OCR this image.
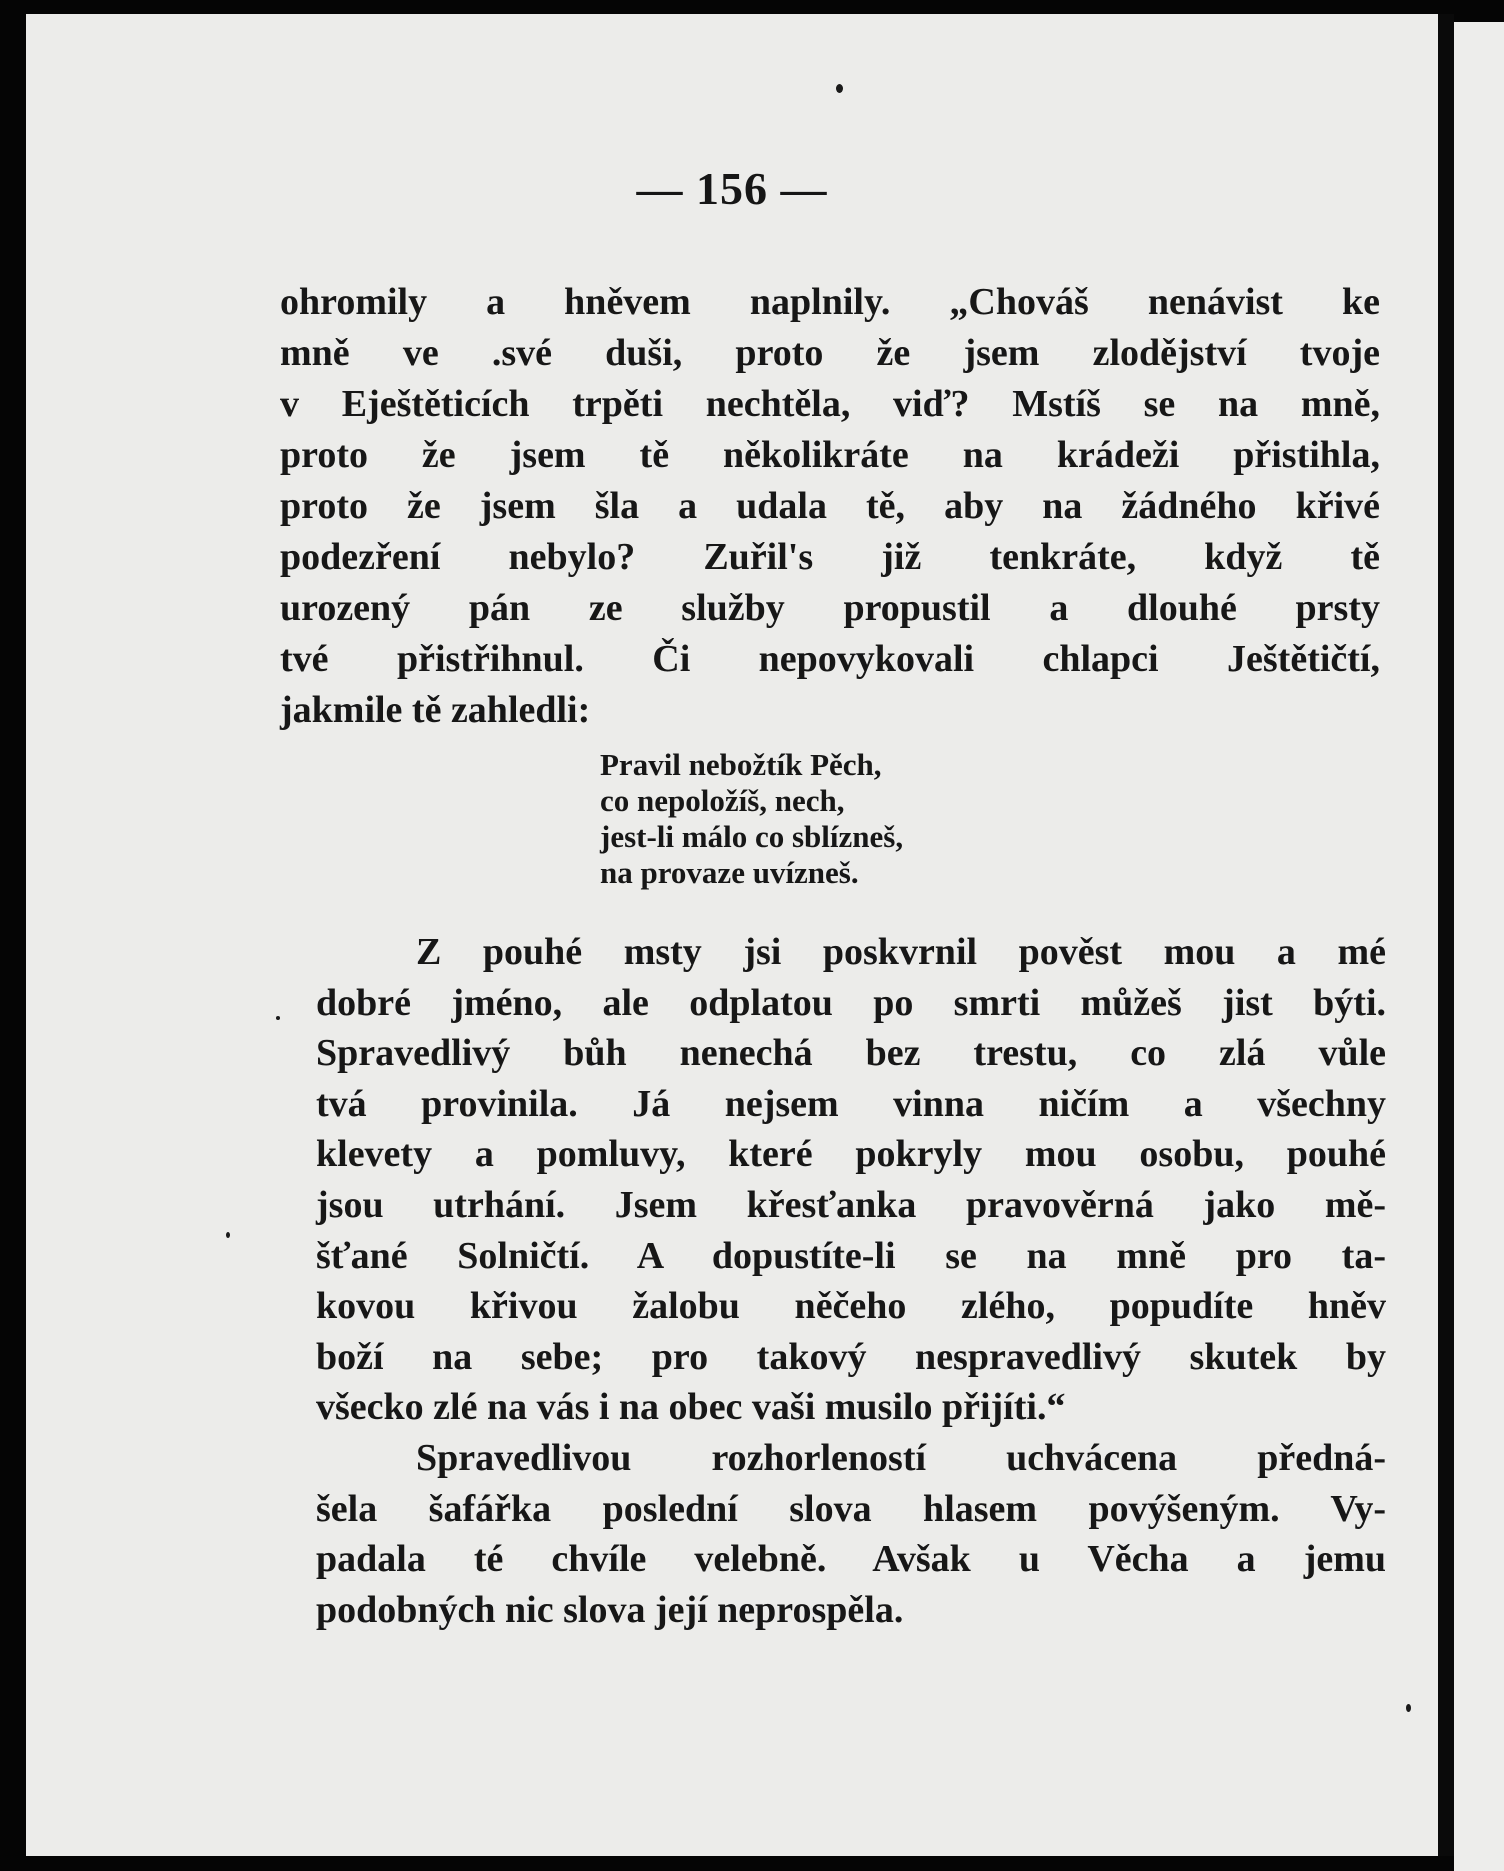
— 156 —
ohromily a hněvem naplnily. „Chováš nenávist ke
mně ve .své duši, proto že jsem zlodějství tvoje
v Eještěticích trpěti nechtěla, viď? Mstíš se na mně,
proto že jsem tě několikráte na krádeži přistihla,
proto že jsem šla a udala tě, aby na žádného křivé
podezření nebylo? Zuřil's již tenkráte, když tě
urozený pán ze služby propustil a dlouhé prsty
tvé přistřihnul. Či nepovykovali chlapci Ještětičtí,
jakmile tě zahledli:
Pravil nebožtík Pěch,
co nepoložíš, nech,
jest-li málo co sblízneš,
na provaze uvízneš.
Z pouhé msty jsi poskvrnil pověst mou a mé
dobré jméno, ale odplatou po smrti můžeš jist býti.
Spravedlivý bůh nenechá bez trestu, co zlá vůle
tvá provinila. Já nejsem vinna ničím a všechny
klevety a pomluvy, které pokryly mou osobu, pouhé
jsou utrhání. Jsem křesťanka pravověrná jako mě-
šťané Solničtí. A dopustíte-li se na mně pro ta-
kovou křivou žalobu něčeho zlého, popudíte hněv
boží na sebe; pro takový nespravedlivý skutek by
všecko zlé na vás i na obec vaši musilo přijíti.“
Spravedlivou rozhorleností uchvácena předná-
šela šafářka poslední slova hlasem povýšeným. Vy-
padala té chvíle velebně. Avšak u Věcha a jemu
podobných nic slova její neprospěla.
